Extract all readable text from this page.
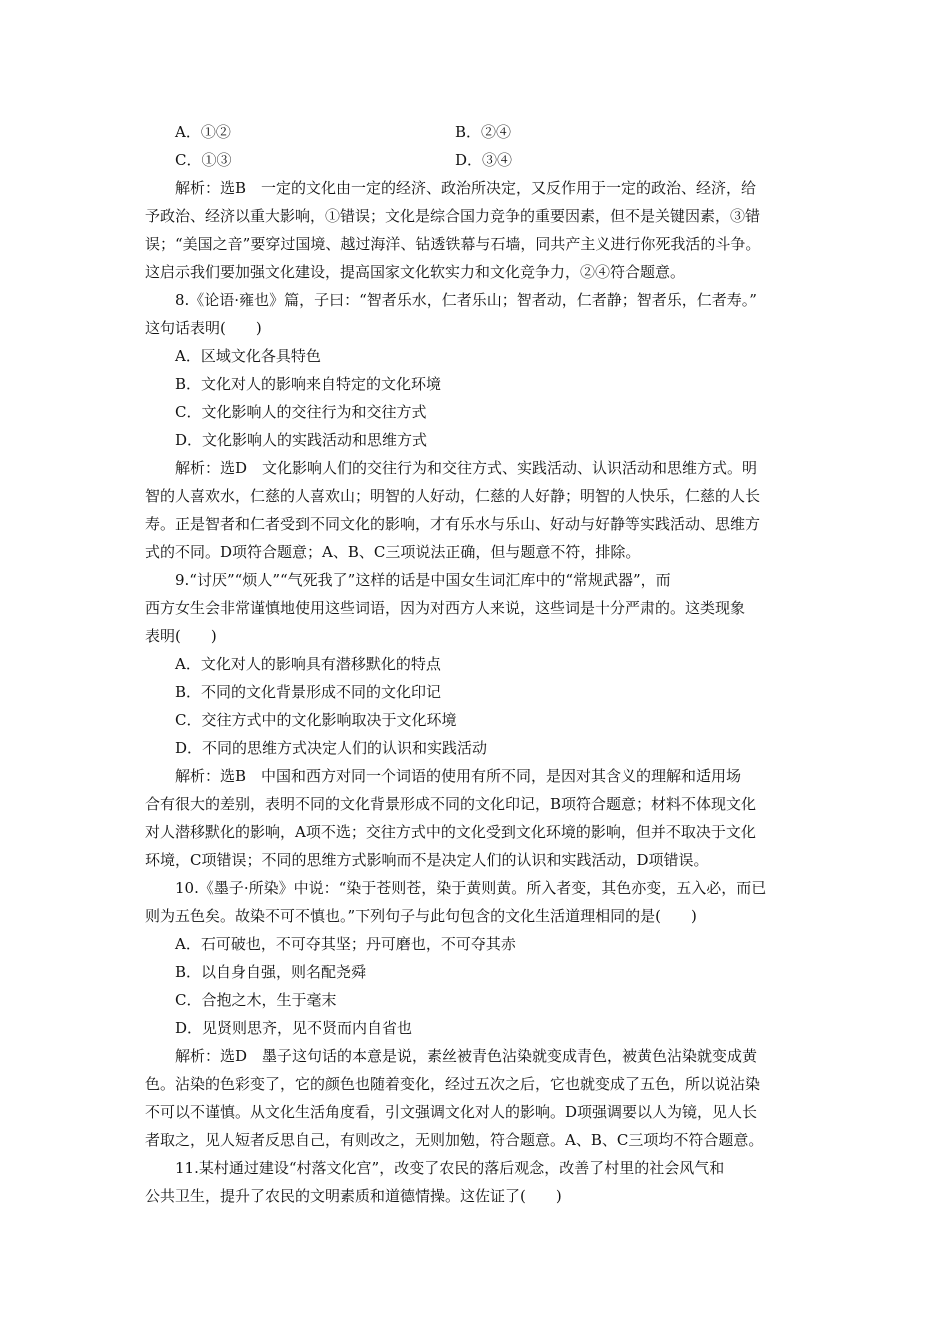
A．①②	B．②④
C．①③	D．③④
解析：选B　一定的文化由一定的经济、政治所决定，又反作用于一定的政治、经济，给
予政治、经济以重大影响，①错误；文化是综合国力竞争的重要因素，但不是关键因素，③错
误；“美国之音”要穿过国境、越过海洋、钻透铁幕与石墙，同共产主义进行你死我活的斗争。
这启示我们要加强文化建设，提高国家文化软实力和文化竞争力，②④符合题意。
8.《论语·雍也》篇，子曰：“智者乐水，仁者乐山；智者动，仁者静；智者乐，仁者寿。”
这句话表明(　　)
A．区域文化各具特色
B．文化对人的影响来自特定的文化环境
C．文化影响人的交往行为和交往方式
D．文化影响人的实践活动和思维方式
解析：选D　文化影响人们的交往行为和交往方式、实践活动、认识活动和思维方式。明
智的人喜欢水，仁慈的人喜欢山；明智的人好动，仁慈的人好静；明智的人快乐，仁慈的人长
寿。正是智者和仁者受到不同文化的影响，才有乐水与乐山、好动与好静等实践活动、思维方
式的不同。D项符合题意；A、B、C三项说法正确，但与题意不符，排除。
9.“讨厌”“烦人”“气死我了”这样的话是中国女生词汇库中的“常规武器”，而
西方女生会非常谨慎地使用这些词语，因为对西方人来说，这些词是十分严肃的。这类现象
表明(　　)
A．文化对人的影响具有潜移默化的特点
B．不同的文化背景形成不同的文化印记
C．交往方式中的文化影响取决于文化环境
D．不同的思维方式决定人们的认识和实践活动
解析：选B　中国和西方对同一个词语的使用有所不同，是因对其含义的理解和适用场
合有很大的差别，表明不同的文化背景形成不同的文化印记，B项符合题意；材料不体现文化
对人潜移默化的影响，A项不选；交往方式中的文化受到文化环境的影响，但并不取决于文化
环境，C项错误；不同的思维方式影响而不是决定人们的认识和实践活动，D项错误。
10.《墨子·所染》中说：“染于苍则苍，染于黄则黄。所入者变，其色亦变，五入必，而已
则为五色矣。故染不可不慎也。”下列句子与此句包含的文化生活道理相同的是(　　)
A．石可破也，不可夺其坚；丹可磨也，不可夺其赤
B．以自身自强，则名配尧舜
C．合抱之木，生于毫末
D．见贤则思齐，见不贤而内自省也
解析：选D　墨子这句话的本意是说，素丝被青色沾染就变成青色，被黄色沾染就变成黄
色。沾染的色彩变了，它的颜色也随着变化，经过五次之后，它也就变成了五色，所以说沾染
不可以不谨慎。从文化生活角度看，引文强调文化对人的影响。D项强调要以人为镜，见人长
者取之，见人短者反思自己，有则改之，无则加勉，符合题意。A、B、C三项均不符合题意。
11.某村通过建设“村落文化宫”，改变了农民的落后观念，改善了村里的社会风气和
公共卫生，提升了农民的文明素质和道德情操。这佐证了(　　)
